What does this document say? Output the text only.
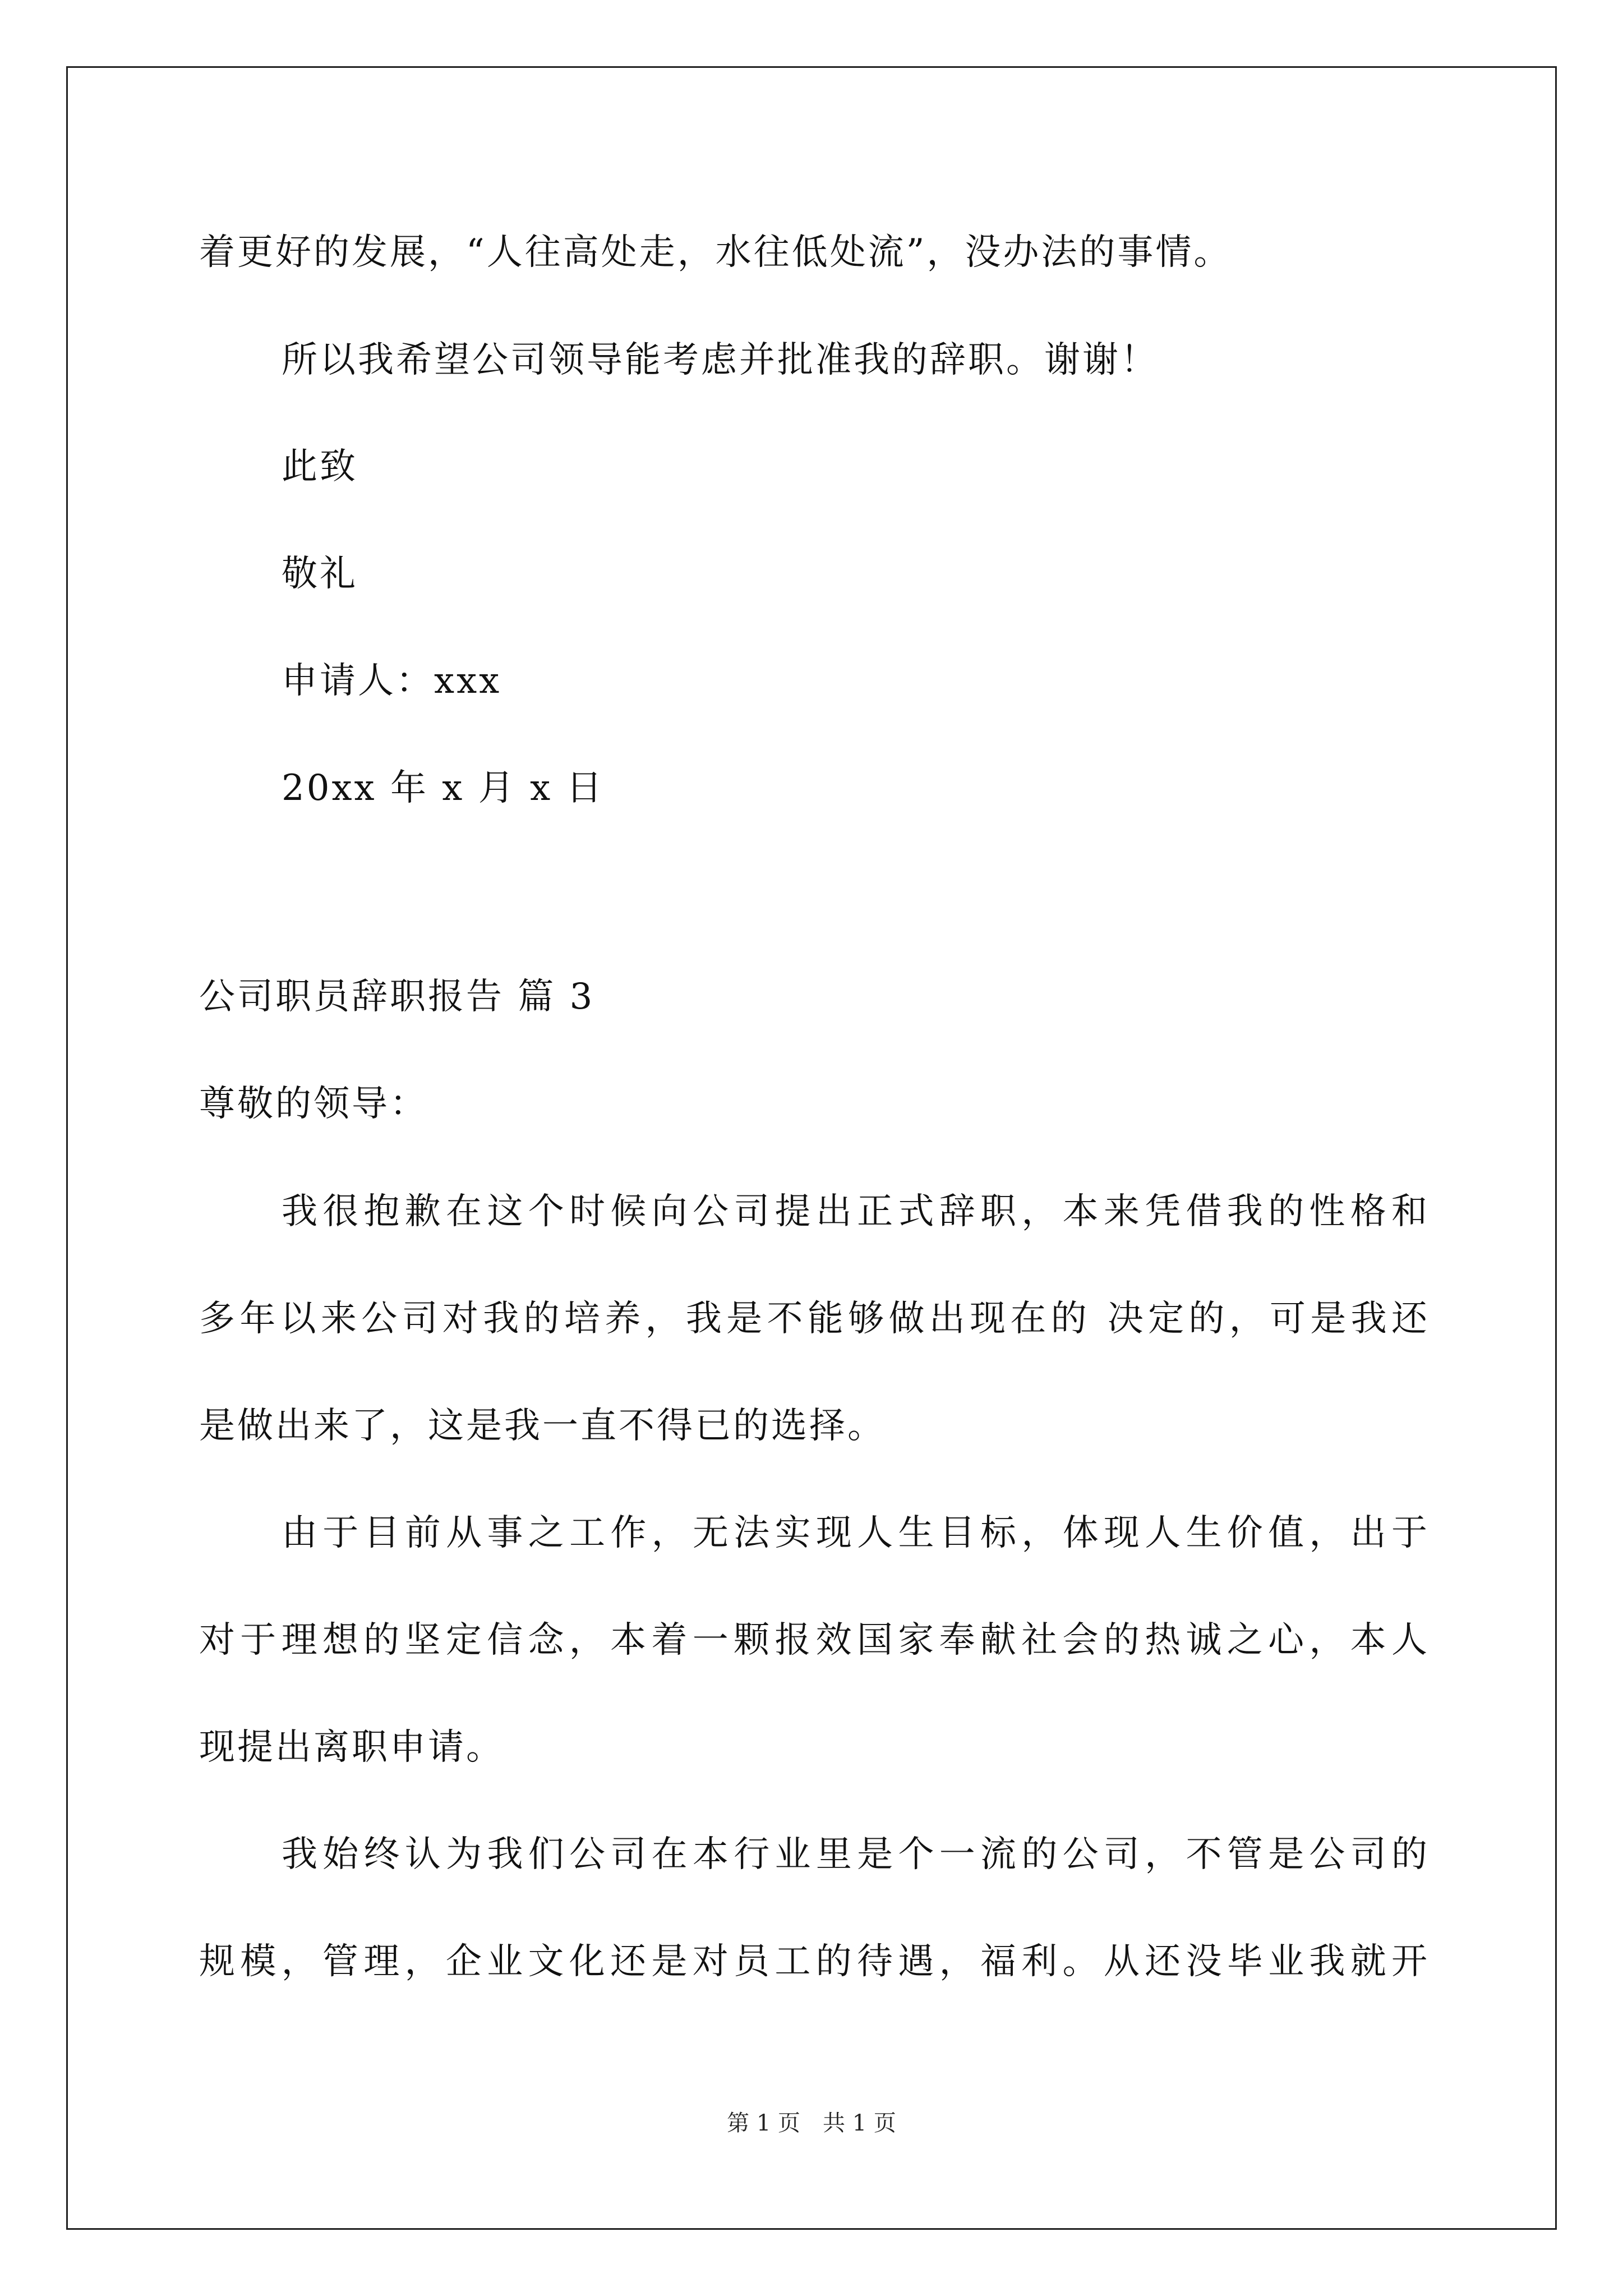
着更好的发展，“人往高处走，水往低处流”，没办法的事情。
所以我希望公司领导能考虑并批准我的辞职。谢谢！
此致
敬礼
申请人：xxx
20xx 年 x 月 x 日
公司职员辞职报告 篇 3
尊敬的领导：
我很抱歉在这个时候向公司提出正式辞职，本来凭借我的性格和
多年以来公司对我的培养，我是不能够做出现在的 决定的，可是我还
是做出来了，这是我一直不得已的选择。
由于目前从事之工作，无法实现人生目标，体现人生价值，出于
对于理想的坚定信念，本着一颗报效国家奉献社会的热诚之心，本人
现提出离职申请。
我始终认为我们公司在本行业里是个一流的公司，不管是公司的
规模，管理，企业文化还是对员工的待遇，福利。从还没毕业我就开
第 1 页　共 1 页
